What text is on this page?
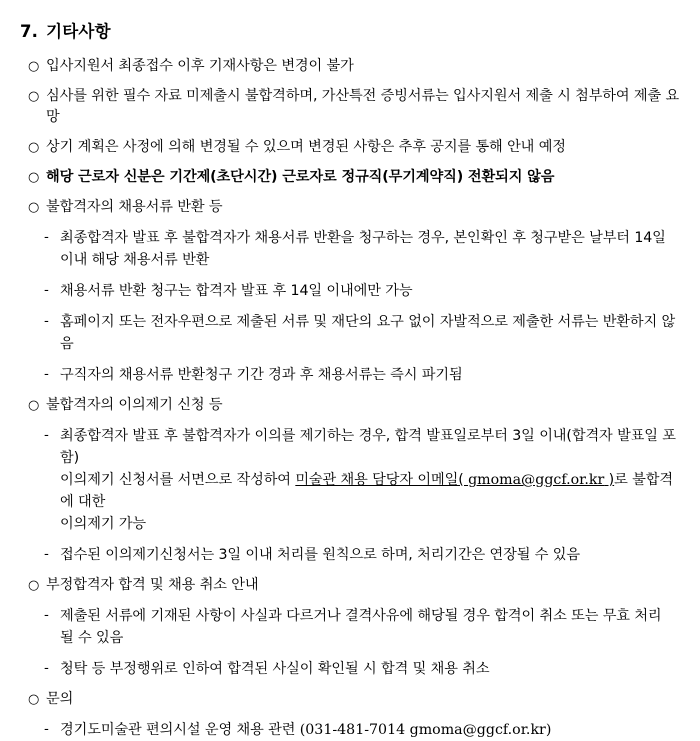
7. 기타사항
○ 입사지원서 최종접수 이후 기재사항은 변경이 불가
○ 심사를 위한 필수 자료 미제출시 불합격하며, 가산특전 증빙서류는 입사지원서 제출 시 첨부하여 제출 요망
○ 상기 계획은 사정에 의해 변경될 수 있으며 변경된 사항은 추후 공지를 통해 안내 예정
○ 해당 근로자 신분은 기간제(초단시간) 근로자로 정규직(무기계약직) 전환되지 않음
○ 불합격자의 채용서류 반환 등
- 최종합격자 발표 후 불합격자가 채용서류 반환을 청구하는 경우, 본인확인 후 청구받은 날부터 14일
이내 해당 채용서류 반환
- 채용서류 반환 청구는 합격자 발표 후 14일 이내에만 가능
- 홈페이지 또는 전자우편으로 제출된 서류 및 재단의 요구 없이 자발적으로 제출한 서류는 반환하지 않음
- 구직자의 채용서류 반환청구 기간 경과 후 채용서류는 즉시 파기됨
○ 불합격자의 이의제기 신청 등
- 최종합격자 발표 후 불합격자가 이의를 제기하는 경우, 합격 발표일로부터 3일 이내(합격자 발표일 포함)
이의제기 신청서를 서면으로 작성하여 미술관 채용 담당자 이메일( gmoma@ggcf.or.kr )로 불합격에 대한
이의제기 가능
- 접수된 이의제기신청서는 3일 이내 처리를 원칙으로 하며, 처리기간은 연장될 수 있음
○ 부정합격자 합격 및 채용 취소 안내
- 제출된 서류에 기재된 사항이 사실과 다르거나 결격사유에 해당될 경우 합격이 취소 또는 무효 처리
될 수 있음
- 청탁 등 부정행위로 인하여 합격된 사실이 확인될 시 합격 및 채용 취소
○ 문의
- 경기도미술관 편의시설 운영 채용 관련 (031-481-7014 gmoma@ggcf.or.kr)
